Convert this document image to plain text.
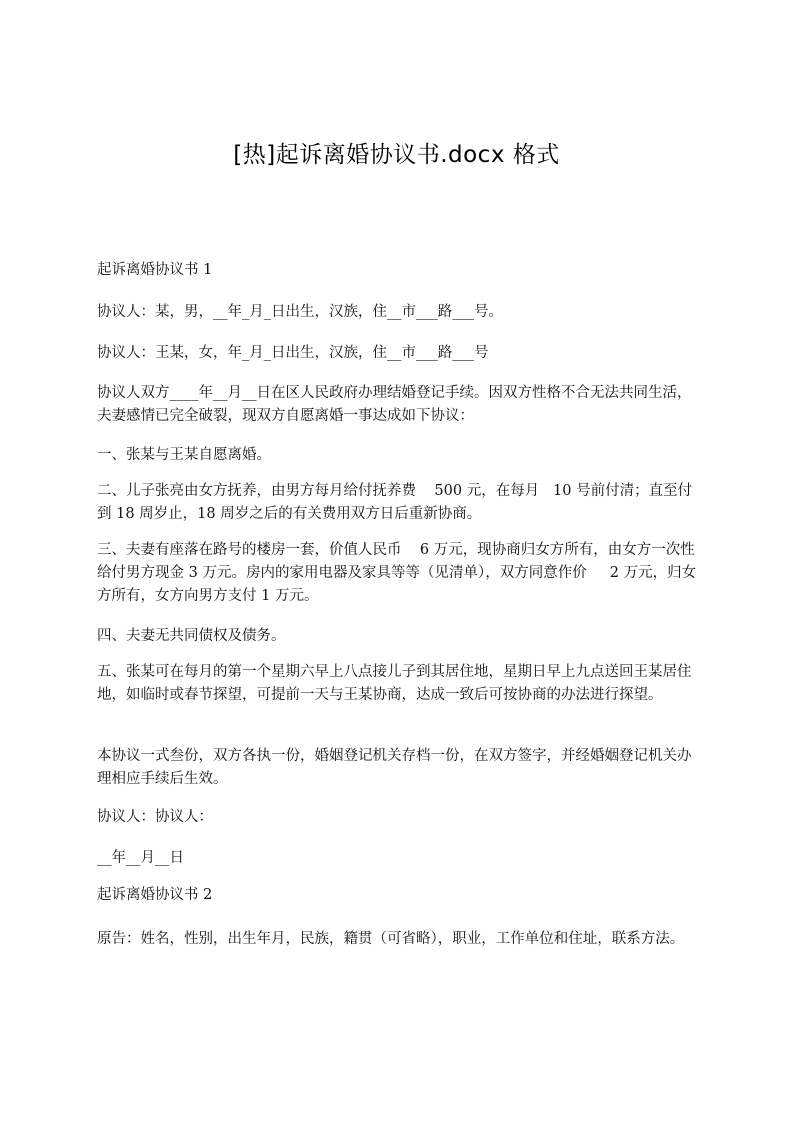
[热]起诉离婚协议书.docx 格式
起诉离婚协议书 1
协议人：某，男，__年_月_日出生，汉族，住__市___路___号。
协议人：王某，女，年_月_日出生，汉族，住__市___路___号
协议人双方____年__月__日在区人民政府办理结婚登记手续。因双方性格不合无法共同生活，夫妻感情已完全破裂，现双方自愿离婚一事达成如下协议：
一、张某与王某自愿离婚。
二、儿子张亮由女方抚养，由男方每月给付抚养费    500 元，在每月   10 号前付清；直至付到 18 周岁止，18 周岁之后的有关费用双方日后重新协商。
三、夫妻有座落在路号的楼房一套，价值人民币    6 万元，现协商归女方所有，由女方一次性给付男方现金 3 万元。房内的家用电器及家具等等（见清单），双方同意作价     2 万元，归女方所有，女方向男方支付 1 万元。
四、夫妻无共同债权及债务。
五、张某可在每月的第一个星期六早上八点接儿子到其居住地，星期日早上九点送回王某居住地，如临时或春节探望，可提前一天与王某协商，达成一致后可按协商的办法进行探望。
本协议一式叁份，双方各执一份，婚姻登记机关存档一份，在双方签字，并经婚姻登记机关办理相应手续后生效。
协议人：协议人：
__年__月__日
起诉离婚协议书 2
原告：姓名，性别，出生年月，民族，籍贯（可省略），职业，工作单位和住址，联系方法。
